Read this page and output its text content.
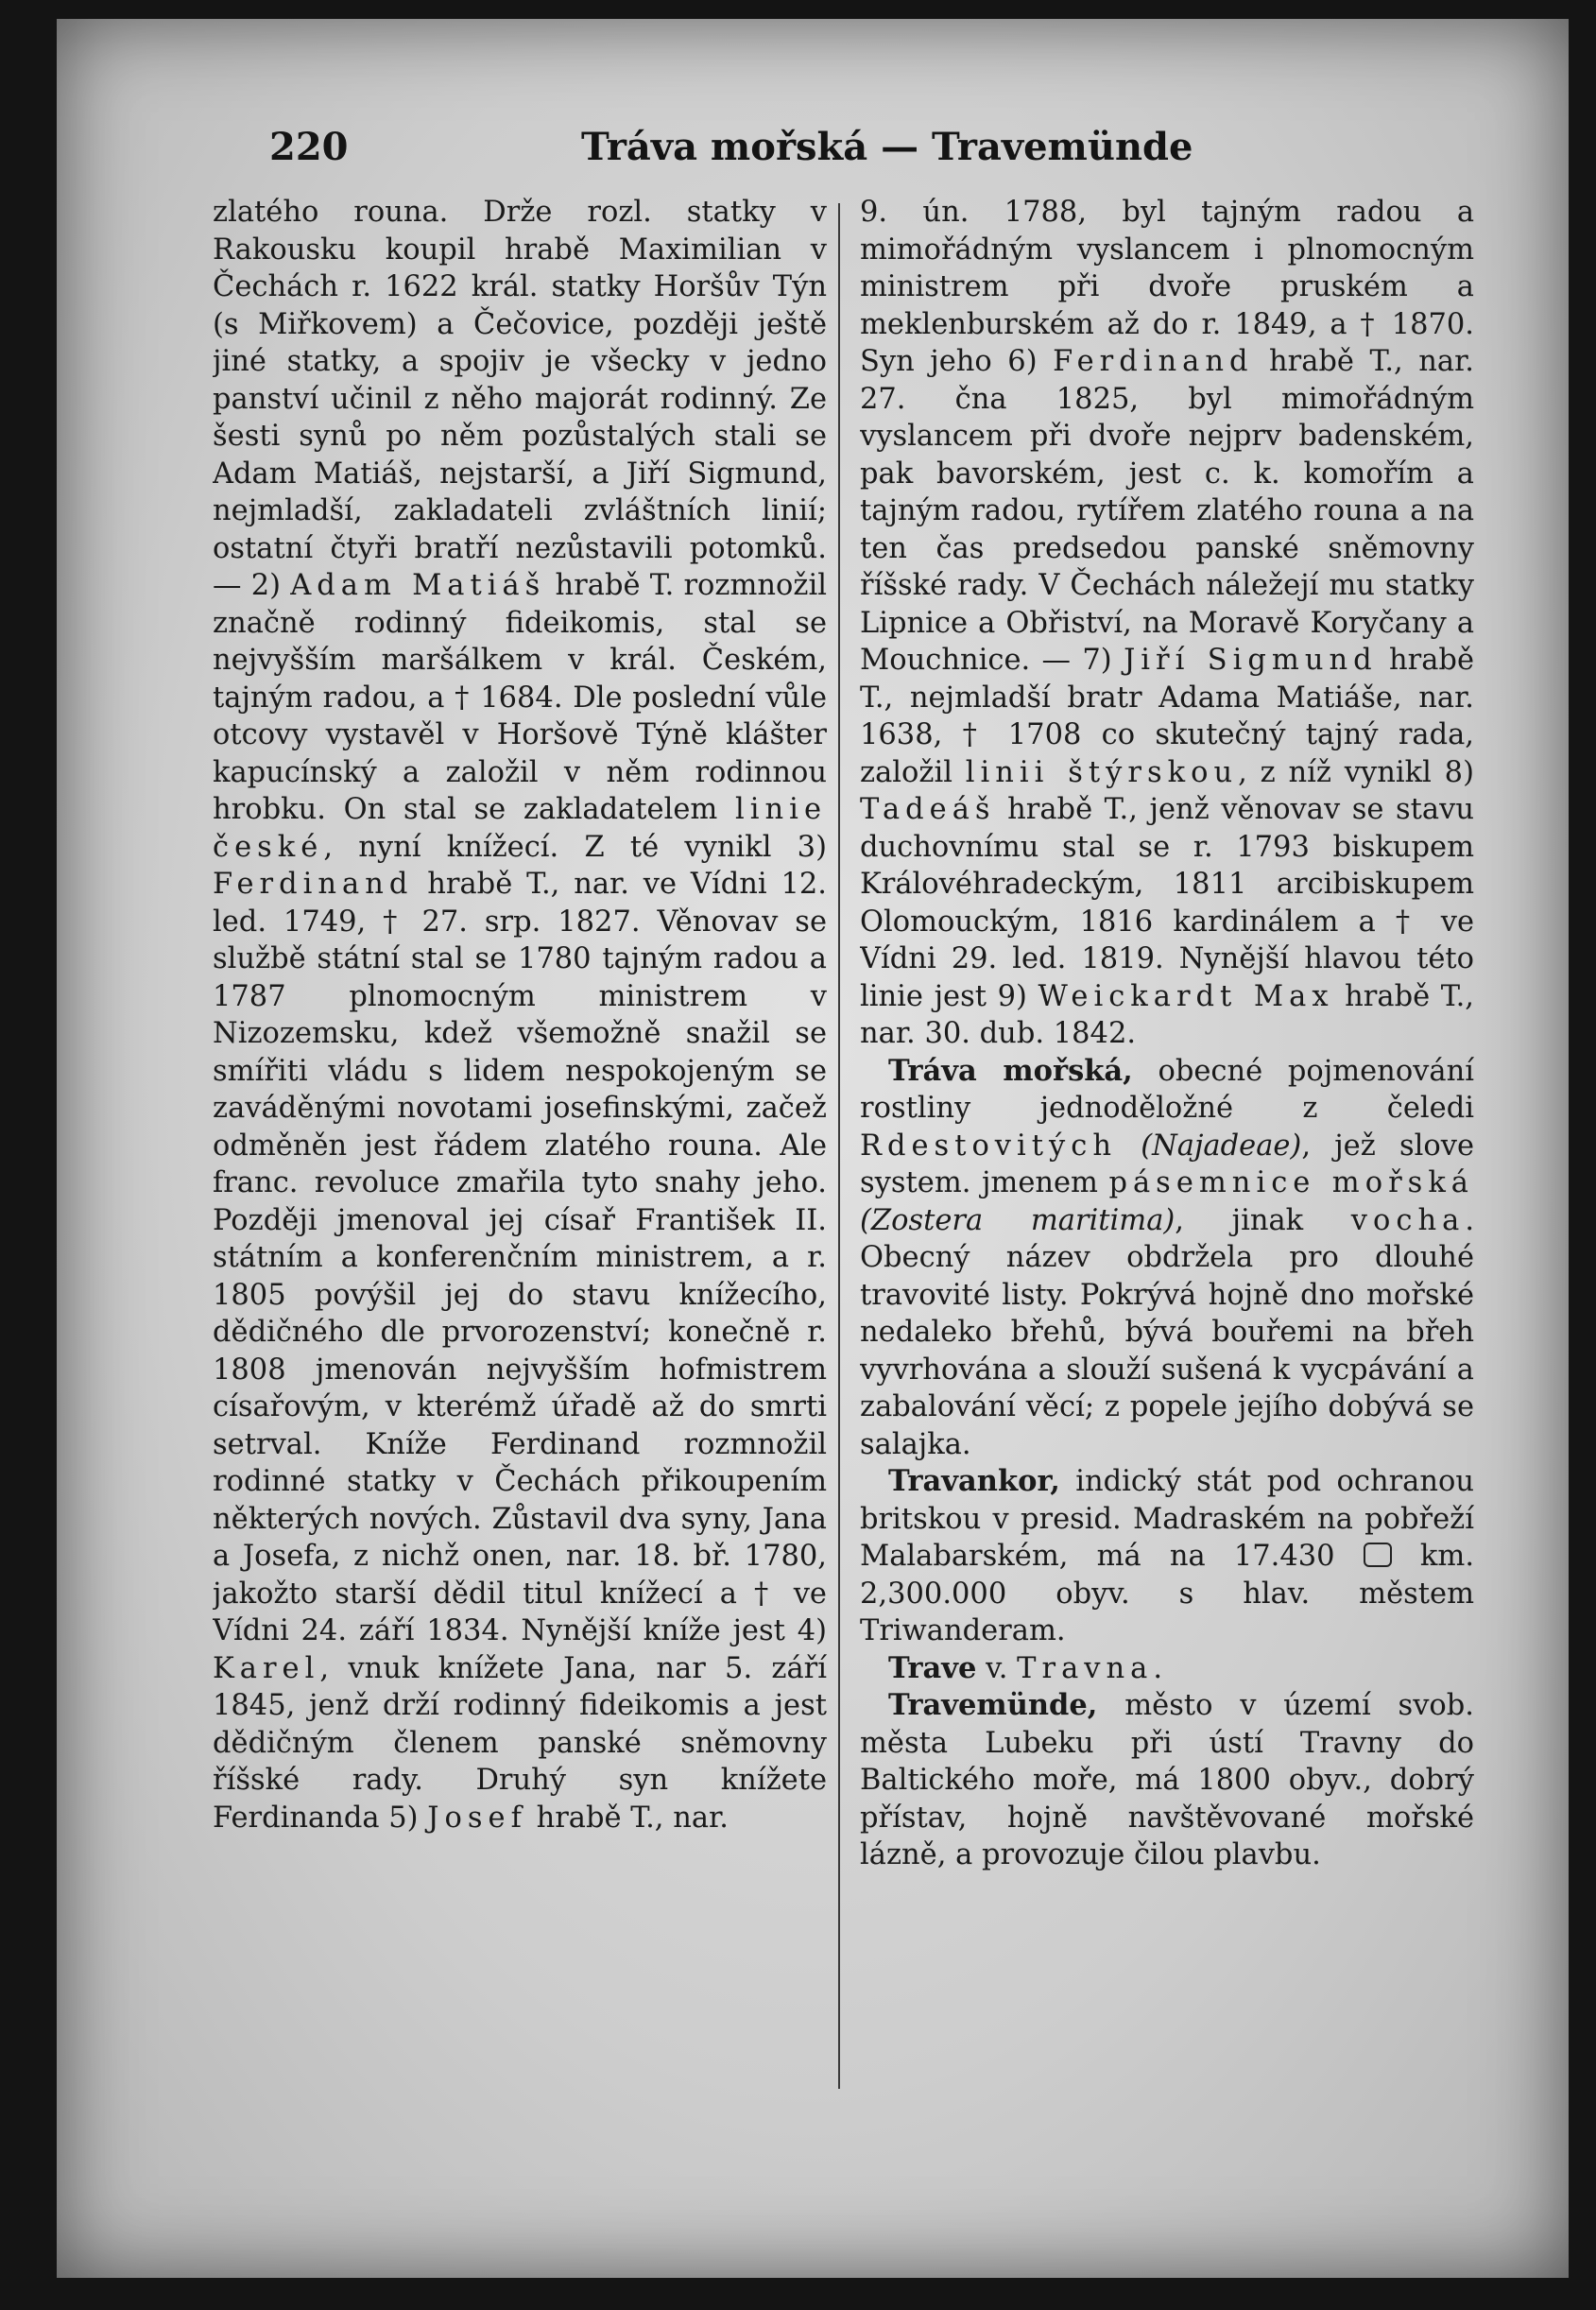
220	Tráva mořská — Travemünde

zlatého rouna. Drže rozl. statky v Rakousku koupil hrabě Maximilian v Čechách r. 1622 král. statky Horšův Týn (s Miřkovem) a Čečovice, později ještě jiné statky, a spojiv je všecky v jedno panství učinil z něho majorát rodinný. Ze šesti synů po něm pozůstalých stali se Adam Matiáš, nejstarší, a Jiří Sigmund, nejmladší, zakladateli zvláštních linií; ostatní čtyři bratří nezůstavili potomků. — 2) Adam Matiáš hrabě T. rozmnožil značně rodinný fideikomis, stal se nejvyšším maršálkem v král. Českém, tajným radou, a † 1684. Dle poslední vůle otcovy vystavěl v Horšově Týně klášter kapucínský a založil v něm rodinnou hrobku. On stal se zakladatelem linie české, nyní knížecí. Z té vynikl 3) Ferdinand hrabě T., nar. ve Vídni 12. led. 1749, † 27. srp. 1827. Věnovav se službě státní stal se 1780 tajným radou a 1787 plnomocným ministrem v Nizozemsku, kdež všemožně snažil se smířiti vládu s lidem nespokojeným se zaváděnými novotami josefinskými, začež odměněn jest řádem zlatého rouna. Ale franc. revoluce zmařila tyto snahy jeho. Později jmenoval jej císař František II. státním a konferenčním ministrem, a r. 1805 povýšil jej do stavu knížecího, dědičného dle prvorozenství; konečně r. 1808 jmenován nejvyšším hofmistrem císařovým, v kterémž úřadě až do smrti setrval. Kníže Ferdinand rozmnožil rodinné statky v Čechách přikoupením některých nových. Zůstavil dva syny, Jana a Josefa, z nichž onen, nar. 18. bř. 1780, jakožto starší dědil titul knížecí a † ve Vídni 24. září 1834. Nynější kníže jest 4) Karel, vnuk knížete Jana, nar 5. září 1845, jenž drží rodinný fideikomis a jest dědičným členem panské sněmovny říšské rady. Druhý syn knížete Ferdinanda 5) Josef hrabě T., nar.

9. ún. 1788, byl tajným radou a mimořádným vyslancem i plnomocným ministrem při dvoře pruském a meklenburském až do r. 1849, a † 1870. Syn jeho 6) Ferdinand hrabě T., nar. 27. čna 1825, byl mimořádným vyslancem při dvoře nejprv badenském, pak bavorském, jest c. k. komořím a tajným radou, rytířem zlatého rouna a na ten čas predsedou panské sněmovny říšské rady. V Čechách náležejí mu statky Lipnice a Obřiství, na Moravě Koryčany a Mouchnice. — 7) Jiří Sigmund hrabě T., nejmladší bratr Adama Matiáše, nar. 1638, † 1708 co skutečný tajný rada, založil linii štýrskou, z níž vynikl 8) Tadeáš hrabě T., jenž věnovav se stavu duchovnímu stal se r. 1793 biskupem Královéhradeckým, 1811 arcibiskupem Olomouckým, 1816 kardinálem a † ve Vídni 29. led. 1819. Nynější hlavou této linie jest 9) Weickardt Max hrabě T., nar. 30. dub. 1842.

Tráva mořská, obecné pojmenování rostliny jednoděložné z čeledi Rdestovitých (Najadeae), jež slove system. jmenem pásemnice mořská (Zostera maritima), jinak vocha. Obecný název obdržela pro dlouhé travovité listy. Pokrývá hojně dno mořské nedaleko břehů, bývá bouřemi na břeh vyvrhována a slouží sušená k vycpávání a zabalování věcí; z popele jejího dobývá se salajka.

Travankor, indický stát pod ochranou britskou v presid. Madraském na pobřeží Malabarském, má na 17.430  km. 2,300.000 obyv. s hlav. městem Triwanderam.

Trave v. Travna.

Travemünde, město v území svob. města Lubeku při ústí Travny do Baltického moře, má 1800 obyv., dobrý přístav, hojně navštěvované mořské lázně, a provozuje čilou plavbu.
